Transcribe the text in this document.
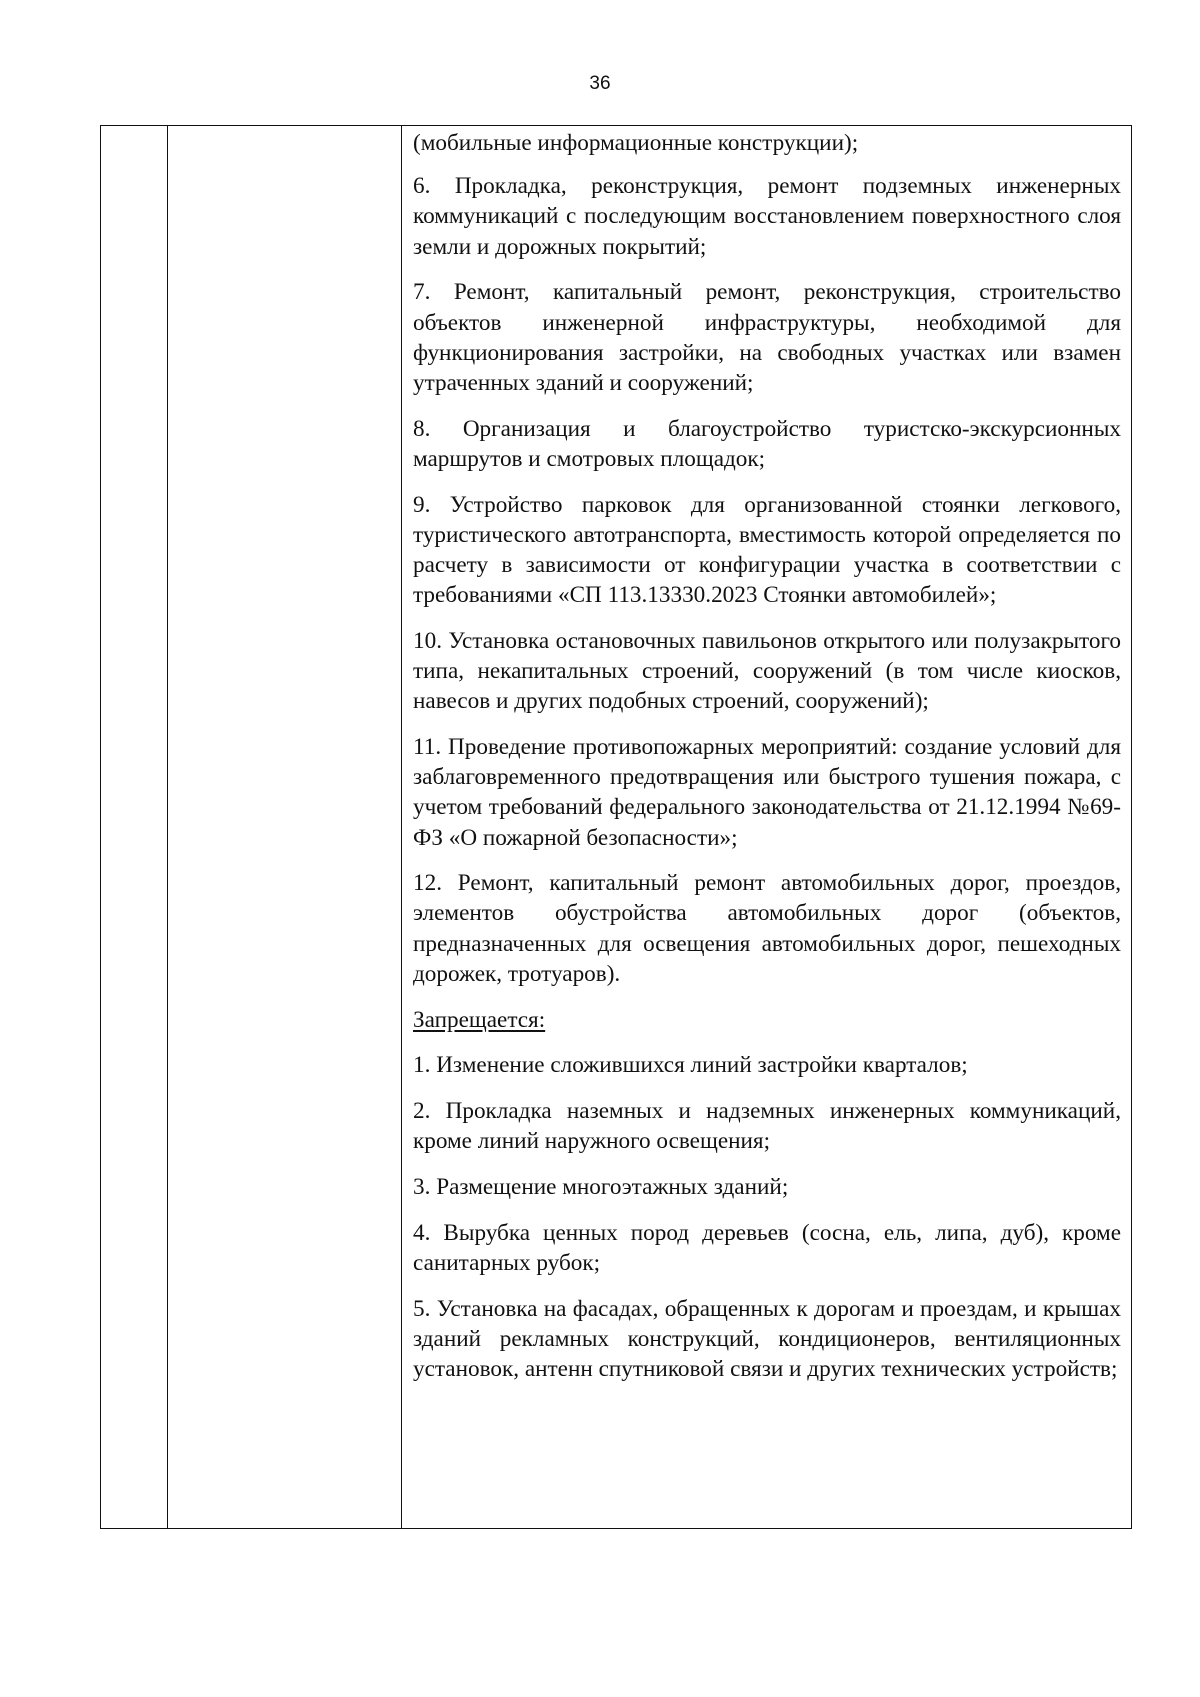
36
(мобильные информационные конструкции);
6. Прокладка, реконструкция, ремонт подземных инженерных коммуникаций с последующим восстановлением поверхностного слоя земли и дорожных покрытий;
7. Ремонт, капитальный ремонт, реконструкция, строительство объектов инженерной инфраструктуры, необходимой для функционирования застройки, на свободных участках или взамен утраченных зданий и сооружений;
8. Организация и благоустройство туристско-экскурсионных маршрутов и смотровых площадок;
9. Устройство парковок для организованной стоянки легкового, туристического автотранспорта, вместимость которой определяется по расчету в зависимости от конфигурации участка в соответствии с требованиями «СП 113.13330.2023 Стоянки автомобилей»;
10. Установка остановочных павильонов открытого или полузакрытого типа, некапитальных строений, сооружений (в том числе киосков, навесов и других подобных строений, сооружений);
11. Проведение противопожарных мероприятий: создание условий для заблаговременного предотвращения или быстрого тушения пожара, с учетом требований федерального законодательства от 21.12.1994 №69-ФЗ «О пожарной безопасности»;
12. Ремонт, капитальный ремонт автомобильных дорог, проездов, элементов обустройства автомобильных дорог (объектов, предназначенных для освещения автомобильных дорог, пешеходных дорожек, тротуаров).
Запрещается:
1. Изменение сложившихся линий застройки кварталов;
2. Прокладка наземных и надземных инженерных коммуникаций, кроме линий наружного освещения;
3. Размещение многоэтажных зданий;
4. Вырубка ценных пород деревьев (сосна, ель, липа, дуб), кроме санитарных рубок;
5. Установка на фасадах, обращенных к дорогам и проездам, и крышах зданий рекламных конструкций, кондиционеров, вентиляционных установок, антенн спутниковой связи и других технических устройств;
